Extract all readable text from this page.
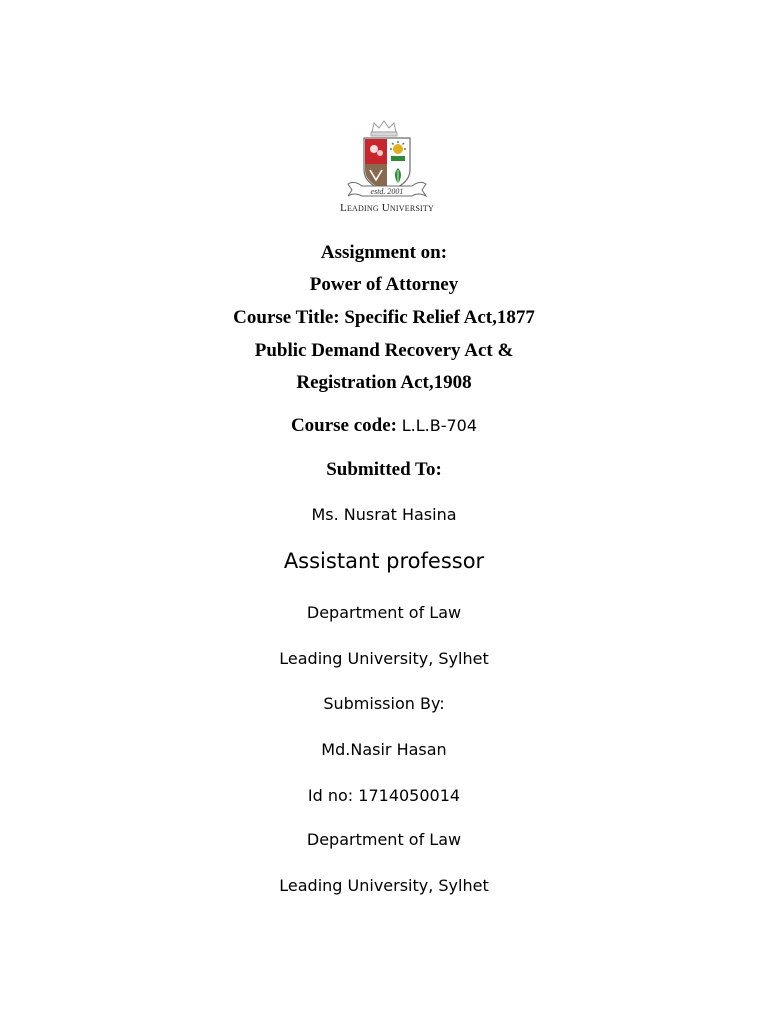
estd. 2001
Leading University
Assignment on:
Power of Attorney
Course Title: Specific Relief Act,1877
Public Demand Recovery Act &
Registration Act,1908
Course code: L.L.B-704
Submitted To:
Ms. Nusrat Hasina
Assistant professor
Department of Law
Leading University, Sylhet
Submission By:
Md.Nasir Hasan
Id no: 1714050014
Department of Law
Leading University, Sylhet
